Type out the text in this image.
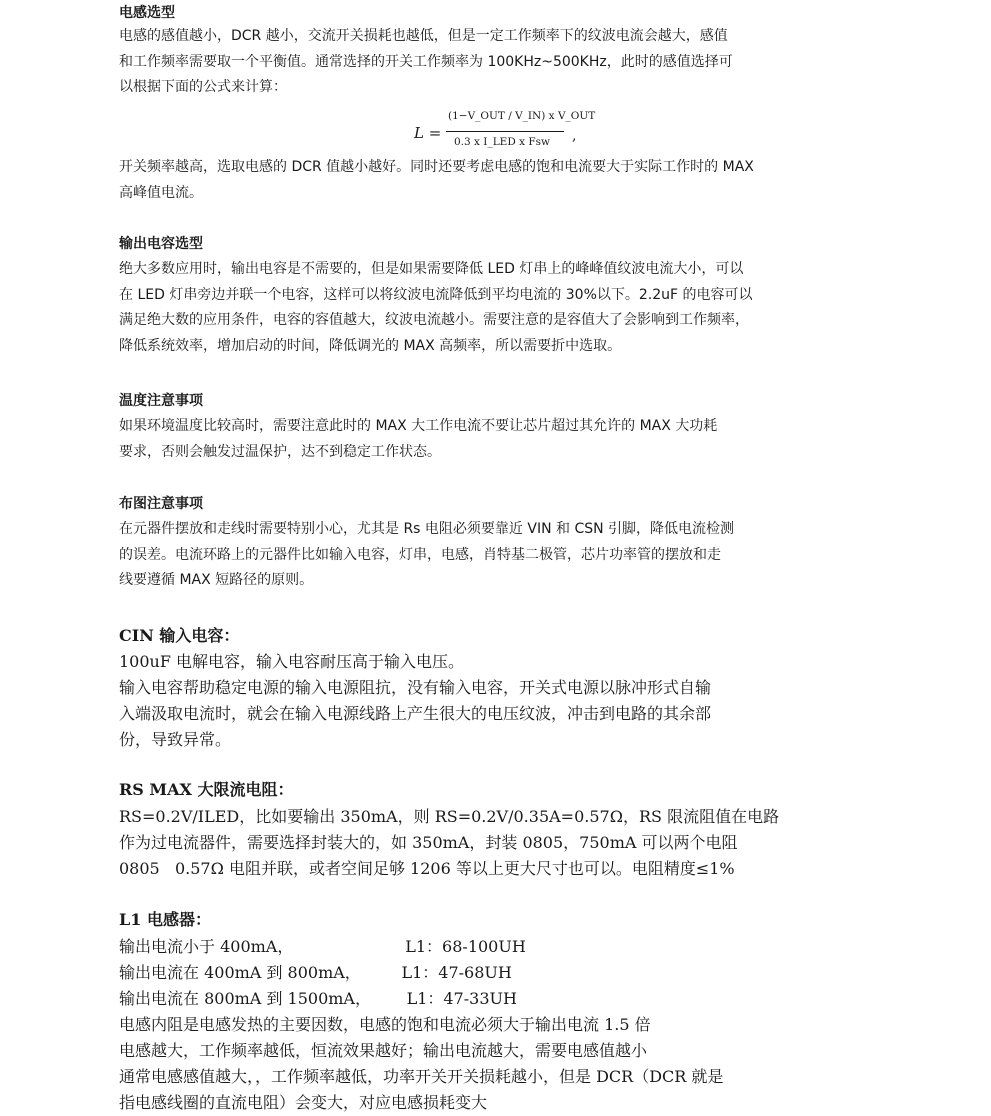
电感选型
电感的感值越小，DCR 越小，交流开关损耗也越低，但是一定工作频率下的纹波电流会越大，感值
和工作频率需要取一个平衡值。通常选择的开关工作频率为 100KHz~500KHz，此时的感值选择可
以根据下面的公式来计算：
L =
(1−V_OUT / V_IN) x V_OUT
0.3 x I_LED x Fsw ,
开关频率越高，选取电感的 DCR 值越小越好。同时还要考虑电感的饱和电流要大于实际工作时的 MAX
高峰值电流。
输出电容选型
绝大多数应用时，输出电容是不需要的，但是如果需要降低 LED 灯串上的峰峰值纹波电流大小，可以
在 LED 灯串旁边并联一个电容，这样可以将纹波电流降低到平均电流的 30%以下。2.2uF 的电容可以
满足绝大数的应用条件，电容的容值越大，纹波电流越小。需要注意的是容值大了会影响到工作频率，
降低系统效率，增加启动的时间，降低调光的 MAX 高频率，所以需要折中选取。
温度注意事项
如果环境温度比较高时，需要注意此时的 MAX 大工作电流不要让芯片超过其允许的 MAX 大功耗
要求，否则会触发过温保护，达不到稳定工作状态。
布图注意事项
在元器件摆放和走线时需要特别小心，尤其是 Rs 电阻必须要靠近 VIN 和 CSN 引脚，降低电流检测
的误差。电流环路上的元器件比如输入电容，灯串，电感，肖特基二极管，芯片功率管的摆放和走
线要遵循 MAX 短路径的原则。
CIN 输入电容：
100uF 电解电容，输入电容耐压高于输入电压。
输入电容帮助稳定电源的输入电源阻抗，没有输入电容，开关式电源以脉冲形式自输
入端汲取电流时，就会在输入电源线路上产生很大的电压纹波，冲击到电路的其余部
份，导致异常。
RS MAX 大限流电阻：
RS=0.2V/ILED，比如要输出 350mA，则 RS=0.2V/0.35A=0.57Ω，RS 限流阻值在电路
作为过电流器件，需要选择封装大的，如 350mA，封装 0805，750mA 可以两个电阻
0805   0.57Ω 电阻并联，或者空间足够 1206 等以上更大尺寸也可以。电阻精度≤1%
L1 电感器：
输出电流小于 400mA，                      L1：68-100UH
输出电流在 400mA 到 800mA，        L1：47-68UH
输出电流在 800mA 到 1500mA，       L1：47-33UH
电感内阻是电感发热的主要因数，电感的饱和电流必须大于输出电流 1.5 倍
电感越大，工作频率越低，恒流效果越好；输出电流越大，需要电感值越小
通常电感感值越大，，工作频率越低，功率开关开关损耗越小，但是 DCR（DCR 就是
指电感线圈的直流电阻）会变大，对应电感损耗变大
